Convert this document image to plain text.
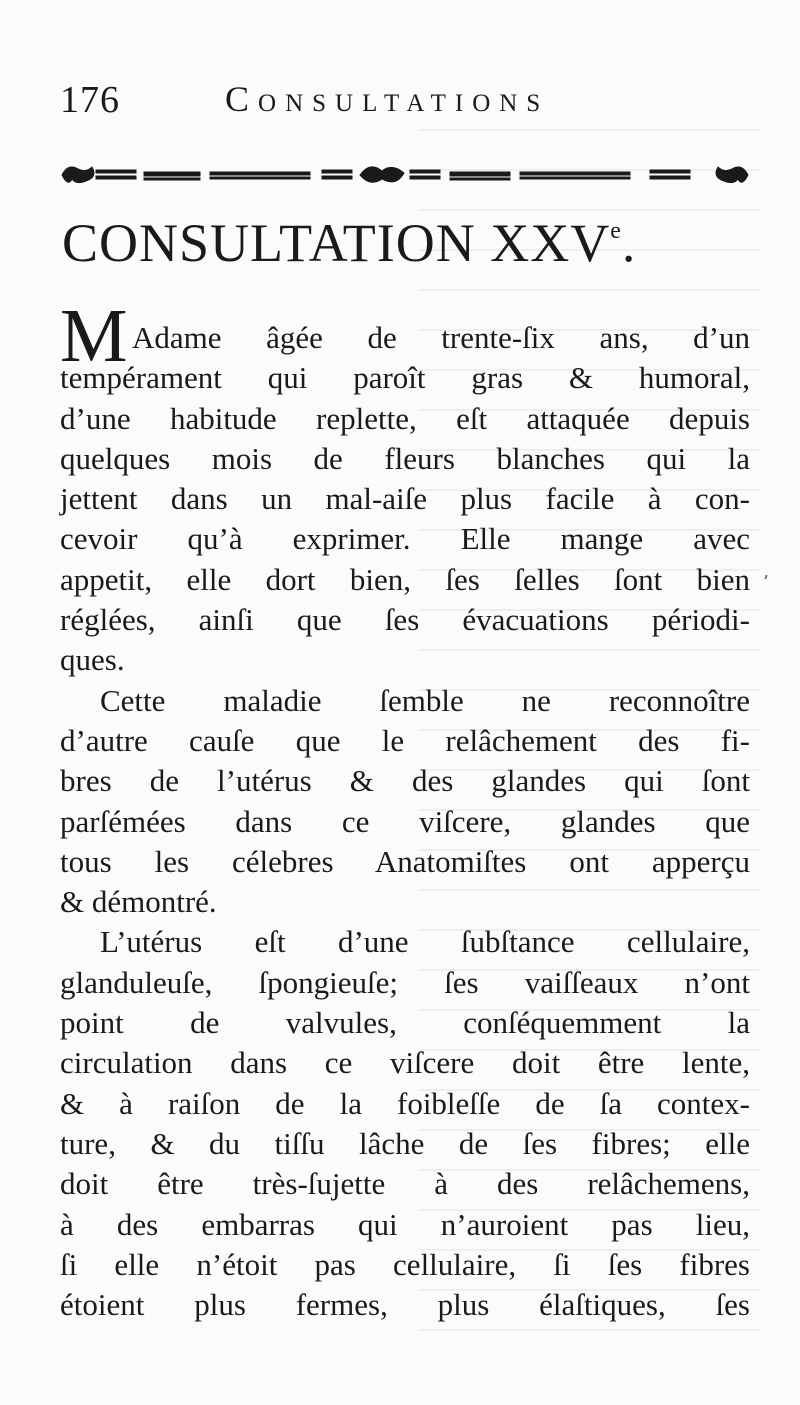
176	Consultations
CONSULTATION XXVe.
M Adame âgée de trente-ſix ans, d’un
tempérament qui paroît gras & humoral,
d’une habitude replette, eſt attaquée depuis
quelques mois de fleurs blanches qui la
jettent dans un mal-aiſe plus facile à con-
cevoir qu’à exprimer. Elle mange avec
appetit, elle dort bien, ſes ſelles ſont bien
réglées, ainſi que ſes évacuations périodi-
ques.
Cette maladie ſemble ne reconnoître
d’autre cauſe que le relâchement des fi-
bres de l’utérus & des glandes qui ſont
parſémées dans ce viſcere, glandes que
tous les célebres Anatomiſtes ont apperçu
& démontré.
L’utérus eſt d’une ſubſtance cellulaire,
glanduleuſe, ſpongieuſe; ſes vaiſſeaux n’ont
point de valvules, conſéquemment la
circulation dans ce viſcere doit être lente,
& à raiſon de la foibleſſe de ſa contex-
ture, & du tiſſu lâche de ſes fibres; elle
doit être très-ſujette à des relâchemens,
à des embarras qui n’auroient pas lieu,
ſi elle n’étoit pas cellulaire, ſi ſes fibres
étoient plus fermes, plus élaſtiques, ſes
’
